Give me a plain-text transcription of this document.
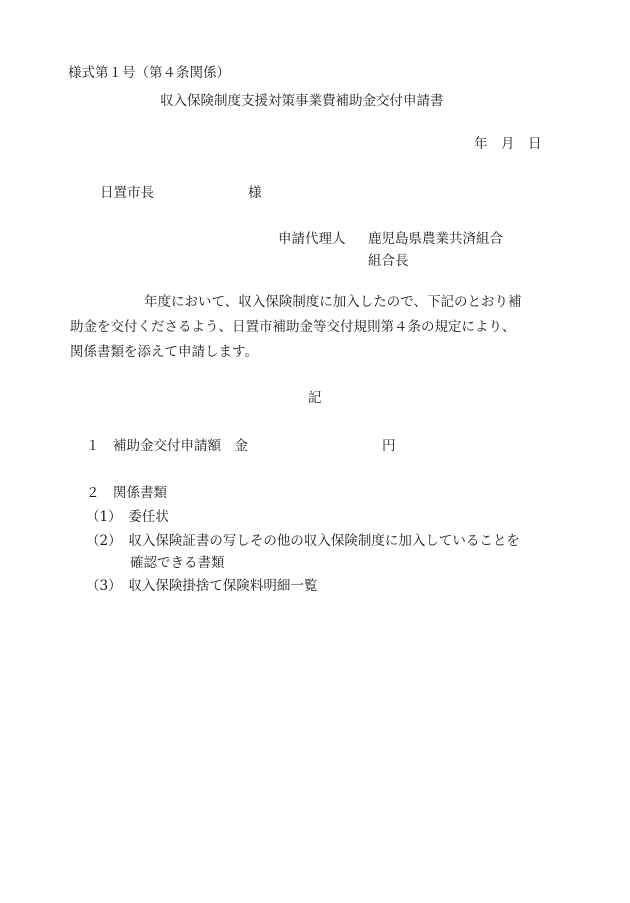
様式第１号（第４条関係）
収入保険制度支援対策事業費補助金交付申請書
年　月　日
日置市長	様
申請代理人 鹿児島県農業共済組合
組合長
年度において、収入保険制度に加入したので、下記のとおり補
助金を交付くださるよう、日置市補助金等交付規則第４条の規定により、
関係書類を添えて申請します。
記
１　補助金交付申請額　金	円
２　関係書類
（1）　委任状
（2）　収入保険証書の写しその他の収入保険制度に加入していることを
確認できる書類
（3）　収入保険掛捨て保険料明細一覧
